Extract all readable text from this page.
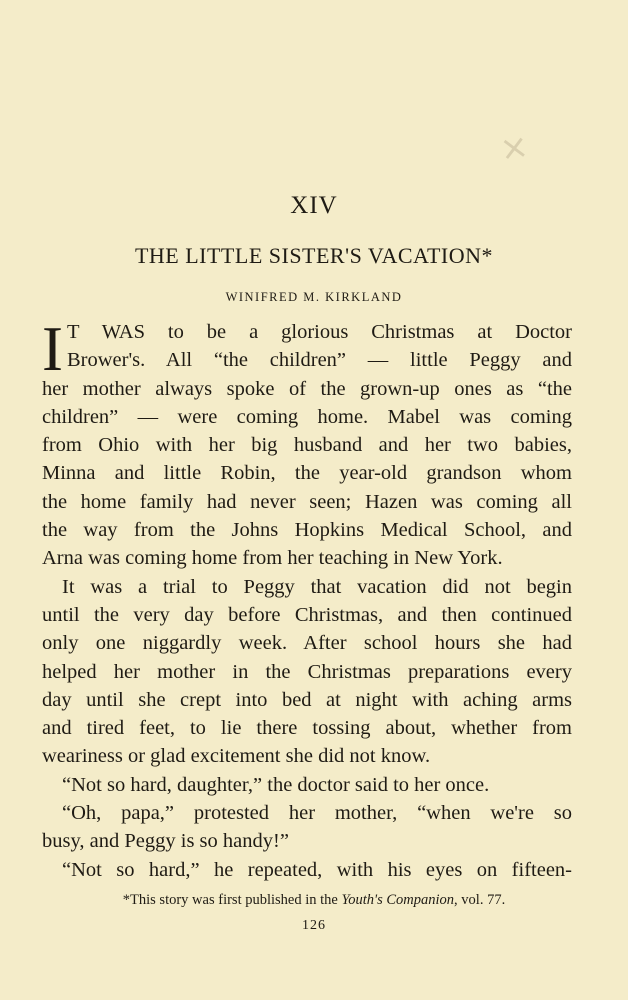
×
XIV
THE LITTLE SISTER'S VACATION*
WINIFRED M. KIRKLAND
I T WAS to be a glorious Christmas at Doctor
Brower's. All “the children” — little Peggy and
her mother always spoke of the grown-up ones as “the
children” — were coming home. Mabel was coming
from Ohio with her big husband and her two babies,
Minna and little Robin, the year-old grandson whom
the home family had never seen; Hazen was coming all
the way from the Johns Hopkins Medical School, and
Arna was coming home from her teaching in New York.
It was a trial to Peggy that vacation did not begin
until the very day before Christmas, and then continued
only one niggardly week. After school hours she had
helped her mother in the Christmas preparations every
day until she crept into bed at night with aching arms
and tired feet, to lie there tossing about, whether from
weariness or glad excitement she did not know.
“Not so hard, daughter,” the doctor said to her once.
“Oh, papa,” protested her mother, “when we're so
busy, and Peggy is so handy!”
“Not so hard,” he repeated, with his eyes on fifteen-
*This story was first published in the Youth's Companion, vol. 77.
126
